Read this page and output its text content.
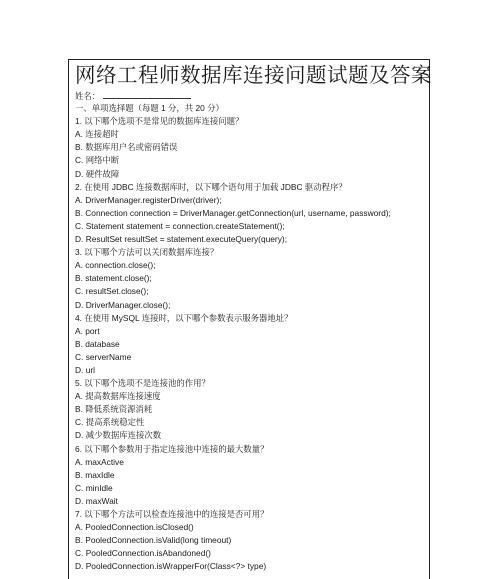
网络工程师数据库连接问题试题及答案
姓名：
一、单项选择题（每题 1 分，共 20 分）
1. 以下哪个选项不是常见的数据库连接问题？
A. 连接超时
B. 数据库用户名或密码错误
C. 网络中断
D. 硬件故障
2. 在使用 JDBC 连接数据库时，以下哪个语句用于加载 JDBC 驱动程序？
A. DriverManager.registerDriver(driver);
B. Connection connection = DriverManager.getConnection(url, username, password);
C. Statement statement = connection.createStatement();
D. ResultSet resultSet = statement.executeQuery(query);
3. 以下哪个方法可以关闭数据库连接？
A. connection.close();
B. statement.close();
C. resultSet.close();
D. DriverManager.close();
4. 在使用 MySQL 连接时，以下哪个参数表示服务器地址？
A. port
B. database
C. serverName
D. url
5. 以下哪个选项不是连接池的作用？
A. 提高数据库连接速度
B. 降低系统资源消耗
C. 提高系统稳定性
D. 减少数据库连接次数
6. 以下哪个参数用于指定连接池中连接的最大数量？
A. maxActive
B. maxIdle
C. minIdle
D. maxWait
7. 以下哪个方法可以检查连接池中的连接是否可用？
A. PooledConnection.isClosed()
B. PooledConnection.isValid(long timeout)
C. PooledConnection.isAbandoned()
D. PooledConnection.isWrapperFor(Class<?> type)
